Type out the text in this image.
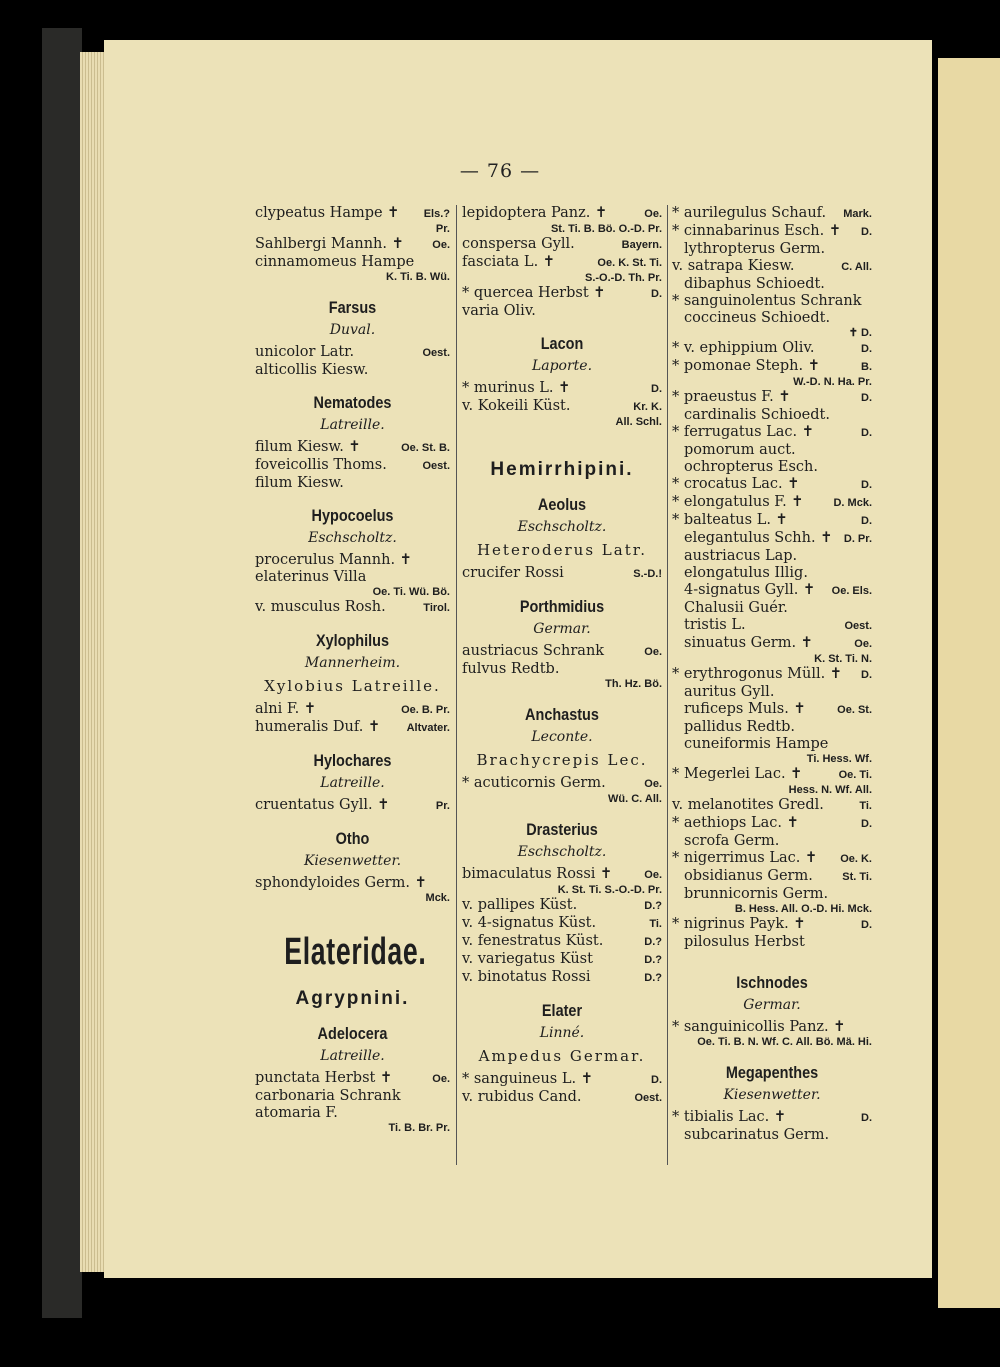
— 76 —
clypeatus Hampe ✝	Els.?
Pr.
Sahlbergi Mannh. ✝	Oe.
cinnamomeus Hampe
K. Ti. B. Wü.
Farsus
Duval.
unicolor Latr.	Oest.
alticollis Kiesw.
Nematodes
Latreille.
filum Kiesw. ✝	Oe. St. B.
foveicollis Thoms.	Oest.
filum Kiesw.
Hypocoelus
Eschscholtz.
procerulus Mannh. ✝
elaterinus Villa
Oe. Ti. Wü. Bö.
v. musculus Rosh.	Tirol.
Xylophilus
Mannerheim.
Xylobius Latreille.
alni F. ✝	Oe. B. Pr.
humeralis Duf. ✝	Altvater.
Hylochares
Latreille.
cruentatus Gyll. ✝	Pr.
Otho
Kiesenwetter.
sphondyloides Germ. ✝
Mck.
Elateridae.
Agrypnini.
Adelocera
Latreille.
punctata Herbst ✝	Oe.
carbonaria Schrank
atomaria F.
Ti. B. Br. Pr.
lepidoptera Panz. ✝	Oe.
St. Ti. B. Bö. O.-D. Pr.
conspersa Gyll.	Bayern.
fasciata L. ✝	Oe. K. St. Ti.
S.-O.-D. Th. Pr.
* quercea Herbst ✝	D.
varia Oliv.
Lacon
Laporte.
* murinus L. ✝	D.
v. Kokeili Küst.	Kr. K.
All. Schl.
Hemirrhipini.
Aeolus
Eschscholtz.
Heteroderus Latr.
crucifer Rossi	S.-D.!
Porthmidius
Germar.
austriacus Schrank	Oe.
fulvus Redtb.
Th. Hz. Bö.
Anchastus
Leconte.
Brachycrepis Lec.
* acuticornis Germ.	Oe.
Wü. C. All.
Drasterius
Eschscholtz.
bimaculatus Rossi ✝	Oe.
K. St. Ti. S.-O.-D. Pr.
v. pallipes Küst.	D.?
v. 4-signatus Küst.	Ti.
v. fenestratus Küst.	D.?
v. variegatus Küst	D.?
v. binotatus Rossi	D.?
Elater
Linné.
Ampedus Germar.
* sanguineus L. ✝	D.
v. rubidus Cand.	Oest.
* aurilegulus Schauf.	Mark.
* cinnabarinus Esch. ✝	D.
lythropterus Germ.
v. satrapa Kiesw.	C. All.
dibaphus Schioedt.
* sanguinolentus Schrank
coccineus Schioedt.
✝ D.
* v. ephippium Oliv.	D.
* pomonae Steph. ✝	B.
W.-D. N. Ha. Pr.
* praeustus F. ✝	D.
cardinalis Schioedt.
* ferrugatus Lac. ✝	D.
pomorum auct.
ochropterus Esch.
* crocatus Lac. ✝	D.
* elongatulus F. ✝	D. Mck.
* balteatus L. ✝	D.
elegantulus Schh. ✝	D. Pr.
austriacus Lap.
elongatulus Illig.
4-signatus Gyll. ✝	Oe. Els.
Chalusii Guér.
tristis L.	Oest.
sinuatus Germ. ✝	Oe.
K. St. Ti. N.
* erythrogonus Müll. ✝	D.
auritus Gyll.
ruficeps Muls. ✝	Oe. St.
pallidus Redtb.
cuneiformis Hampe
Ti. Hess. Wf.
* Megerlei Lac. ✝	Oe. Ti.
Hess. N. Wf. All.
v. melanotites Gredl.	Ti.
* aethiops Lac. ✝	D.
scrofa Germ.
* nigerrimus Lac. ✝	Oe. K.
obsidianus Germ.	St. Ti.
brunnicornis Germ.
B. Hess. All. O.-D. Hi. Mck.
* nigrinus Payk. ✝	D.
pilosulus Herbst
Ischnodes
Germar.
* sanguinicollis Panz. ✝
Oe. Ti. B. N. Wf. C. All. Bö. Mä. Hi.
Megapenthes
Kiesenwetter.
* tibialis Lac. ✝	D.
subcarinatus Germ.
